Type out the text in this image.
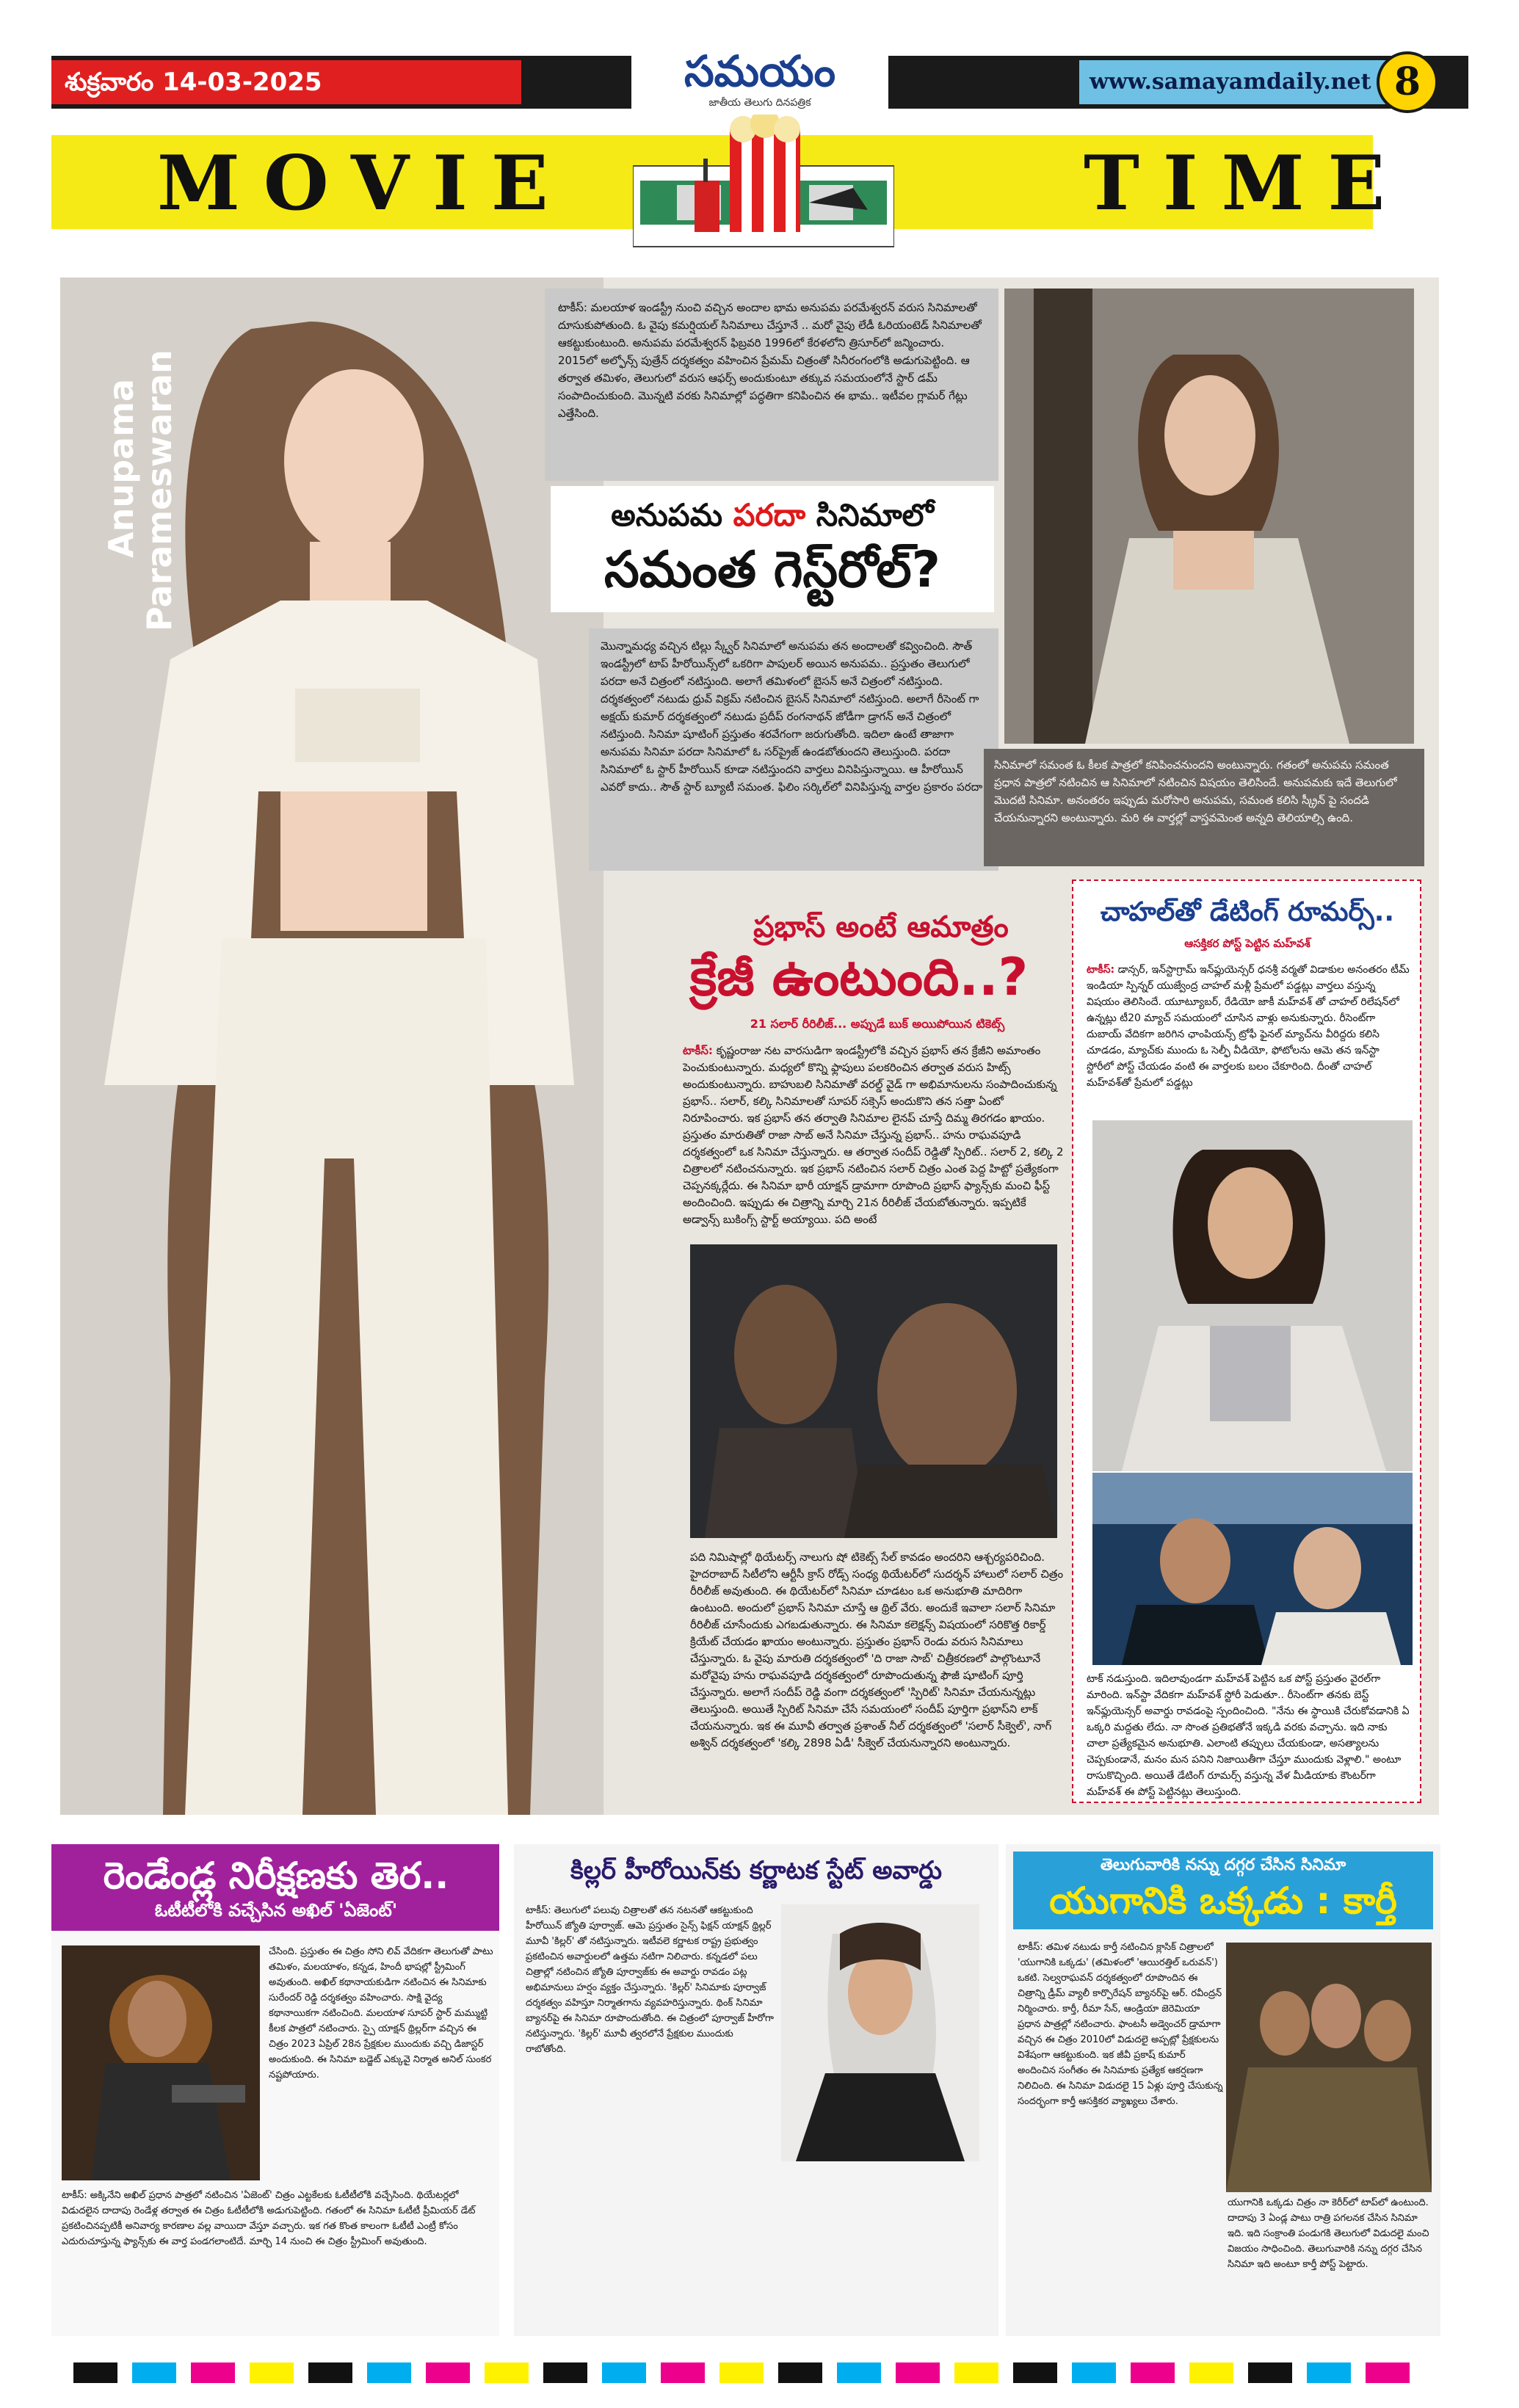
శుక్రవారం 14-03-2025	సమయం
జాతీయ తెలుగు దినపత్రిక
www.samayamdaily.net 8
MOVIE	TIME
Anupama
Parameswaran
టాకీస్: మలయాళ ఇండస్ట్రీ నుంచి వచ్చిన అందాల భామ అనుపమ పరమేశ్వరన్ వరుస సినిమాలతో దూసుకుపోతుంది. ఓ వైపు కమర్షియల్ సినిమాలు చేస్తూనే .. మరో వైపు లేడీ ఓరియంటెడ్ సినిమాలతో ఆకట్టుకుంటుంది. అనుపమ పరమేశ్వరన్ ఫిబ్రవరి 1996లో కేరళలోని త్రిసూర్‌లో జన్మించారు. 2015లో అల్ఫోన్స్ పుత్రేన్ దర్శకత్వం వహించిన ప్రేమమ్ చిత్రంతో సినీరంగంలోకి అడుగుపెట్టింది. ఆ తర్వాత తమిళం, తెలుగులో వరుస ఆఫర్స్ అందుకుంటూ తక్కువ సమయంలోనే స్టార్ డమ్ సంపాదించుకుంది. మొన్నటి వరకు సినిమాల్లో పద్ధతిగా కనిపించిన ఈ భామ.. ఇటీవల గ్లామర్ గేట్లు ఎత్తేసింది.
అనుపమ పరదా సినిమాలో
సమంత గెస్ట్‌రోల్?
మొన్నామధ్య వచ్చిన టిల్లు స్క్వేర్ సినిమాలో అనుపమ తన అందాలతో కవ్వించింది. సౌత్ ఇండస్ట్రీలో టాప్ హీరోయిన్స్‌లో ఒకరిగా పాపులర్ అయిన అనుపమ.. ప్రస్తుతం తెలుగులో పరదా అనే చిత్రంలో నటిస్తుంది. అలాగే తమిళంలో బైసన్ అనే చిత్రంలో నటిస్తుంది. దర్శకత్వంలో నటుడు ధ్రువ్ విక్రమ్ నటించిన బైసన్ సినిమాలో నటిస్తుంది. అలాగే రీసెంట్ గా అక్షయ్ కుమార్ దర్శకత్వంలో నటుడు ప్రదీప్ రంగనాథన్ జోడీగా డ్రాగన్ అనే చిత్రంలో నటిస్తుంది. సినిమా షూటింగ్ ప్రస్తుతం శరవేగంగా జరుగుతోంది. ఇదిలా ఉంటే తాజాగా అనుపమ సినిమా పరదా సినిమాలో ఓ సర్‌ప్రైజ్ ఉండబోతుందని తెలుస్తుంది. పరదా సినిమాలో ఓ స్టార్ హీరోయిన్ కూడా నటిస్తుందని వార్తలు వినిపిస్తున్నాయి. ఆ హీరోయిన్ ఎవరో కాదు.. సౌత్ స్టార్ బ్యూటీ సమంత. ఫిలిం సర్కిల్‌లో వినిపిస్తున్న వార్తల ప్రకారం పరదా
సినిమాలో సమంత ఓ కీలక పాత్రలో కనిపించనుందని అంటున్నారు. గతంలో అనుపమ సమంత ప్రధాన పాత్రలో నటించిన ఆ సినిమాలో నటించిన విషయం తెలిసిందే. అనుపమకు ఇదే తెలుగులో మొదటి సినిమా. అనంతరం ఇప్పుడు మరోసారి అనుపమ, సమంత కలిసి స్క్రీన్ పై సందడి చేయనున్నారని అంటున్నారు. మరి ఈ వార్తల్లో వాస్తవమెంత అన్నది తెలియాల్సి ఉంది.
ప్రభాస్ అంటే ఆమాత్రం
క్రేజీ ఉంటుంది..?
21 సలార్ రీరిలీజ్... అప్పుడే బుక్ అయిపోయిన టికెట్స్
టాకీస్: కృష్ణంరాజు నట వారసుడిగా ఇండస్ట్రీలోకి వచ్చిన ప్రభాస్ తన క్రేజీని అమాంతం పెంచుకుంటున్నారు. మధ్యలో కొన్ని ఫ్లాపులు పలకరించిన తర్వాత వరుస హిట్స్ అందుకుంటున్నారు. బాహుబలి సినిమాతో వరల్డ్ వైడ్ గా అభిమానులను సంపాదించుకున్న ప్రభాస్.. సలార్, కల్కి సినిమాలతో సూపర్ సక్సెస్ అందుకొని తన సత్తా ఏంటో నిరూపించారు. ఇక ప్రభాస్ తన తర్వాతి సినిమాల లైనప్ చూస్తే దిమ్మ తిరగడం ఖాయం. ప్రస్తుతం మారుతితో రాజా సాబ్ అనే సినిమా చేస్తున్న ప్రభాస్.. హను రాఘవపూడి దర్శకత్వంలో ఒక సినిమా చేస్తున్నారు. ఆ తర్వాత సందీప్ రెడ్డితో స్పిరిట్.. సలార్ 2, కల్కి 2 చిత్రాలలో నటించనున్నారు. ఇక ప్రభాస్ నటించిన సలార్ చిత్రం ఎంత పెద్ద హిట్టో ప్రత్యేకంగా చెప్పనక్కర్లేదు. ఈ సినిమా భారీ యాక్షన్ డ్రామాగా రూపొంది ప్రభాస్ ఫ్యాన్స్‌కు మంచి ఫీస్ట్ అందించింది. ఇప్పుడు ఈ చిత్రాన్ని మార్చి 21న రీరిలీజ్ చేయబోతున్నారు. ఇప్పటికే అడ్వాన్స్ బుకింగ్స్ స్టార్ట్ అయ్యాయి. పది అంటే
పది నిమిషాల్లో థియేటర్స్ నాలుగు షో టికెట్స్ సేల్ కావడం అందరిని ఆశ్చర్యపరిచింది. హైదరాబాద్ సిటీలోని ఆర్టీసీ క్రాస్ రోడ్స్ సంధ్య థియేటర్‌లో సుదర్శన్ హాలులో సలార్ చిత్రం రీరిలీజ్ అవుతుంది. ఈ థియేటర్‌లో సినిమా చూడటం ఒక అనుభూతి మాదిరిగా ఉంటుంది. అందులో ప్రభాస్ సినిమా చూస్తే ఆ థ్రిల్ వేరు. అందుకే ఇవాలా సలార్ సినిమా రీరిలీజ్ చూసేందుకు ఎగబడుతున్నారు. ఈ సినిమా కలెక్షన్స్ విషయంలో సరికొత్త రికార్డ్ క్రియేట్ చేయడం ఖాయం అంటున్నారు. ప్రస్తుతం ప్రభాస్ రెండు వరుస సినిమాలు చేస్తున్నారు. ఓ వైపు మారుతి దర్శకత్వంలో 'ది రాజా సాబ్' చిత్రీకరణలో పాల్గొంటూనే మరోవైపు హను రాఘవపూడి దర్శకత్వంలో రూపొందుతున్న ఫౌజీ షూటింగ్ పూర్తి చేస్తున్నారు. అలాగే సందీప్ రెడ్డి వంగా దర్శకత్వంలో 'స్పిరిట్' సినిమా చేయనున్నట్లు తెలుస్తుంది. అయితే స్పిరిట్ సినిమా చేసే సమయంలో సందీప్ పూర్తిగా ప్రభాస్‌ని లాక్ చేయనున్నారు. ఇక ఈ మూవీ తర్వాత ప్రశాంత్ నీల్ దర్శకత్వంలో 'సలార్ సీక్వెల్', నాగ్ అశ్విన్ దర్శకత్వంలో 'కల్కి 2898 ఏడీ' సీక్వెల్ చేయనున్నారని అంటున్నారు.
చాహల్‌తో డేటింగ్ రూమర్స్..
ఆసక్తికర పోస్ట్ పెట్టిన మహ్‌వశ్
టాకీస్: డాన్సర్, ఇన్‌స్టాగ్రామ్ ఇన్‌ఫ్లుయెన్సర్ ధనశ్రీ వర్మతో విడాకుల అనంతరం టీమ్ ఇండియా స్పిన్నర్ యుజ్వేంద్ర చాహల్ మళ్లీ ప్రేమలో పడ్డట్లు వార్తలు వస్తున్న విషయం తెలిసిందే. యూట్యూబర్, రేడియో జాకీ మహ్‌వశ్ తో చాహల్ రిలేషన్‌లో ఉన్నట్లు టీ20 మ్యాచ్ సమయంలో చూసిన వాళ్లు అనుకున్నారు. రీసెంట్‌గా దుబాయ్ వేదికగా జరిగిన ఛాంపియన్స్ ట్రోఫీ ఫైనల్ మ్యాచ్‌ను వీరిద్దరు కలిసి చూడడం, మ్యాచ్‌కు ముందు ఓ సెల్ఫీ వీడియో, ఫోటోలను ఆమె తన ఇన్‌స్టా స్టోరీలో పోస్ట్ చేయడం వంటి ఈ వార్తలకు బలం చేకూరింది. దీంతో చాహల్ మహ్‌వశ్‌తో ప్రేమలో పడ్డట్లు
టాక్ నడుస్తుంది. ఇదిలావుండగా మహ్‌వశ్ పెట్టిన ఒక పోస్ట్ ప్రస్తుతం వైరల్‌గా మారింది. ఇన్‌స్టా వేదికగా మహ్‌వశ్ స్టోరీ పెడుతూ.. రీసెంట్‌గా తనకు బెస్ట్ ఇన్‌ఫ్లుయెన్సర్ అవార్డు రావడంపై స్పందించింది. "నేను ఈ స్థాయికి చేరుకోవడానికి ఏ ఒక్కరి మద్దతు లేదు. నా సొంత ప్రతిభతోనే ఇక్కడి వరకు వచ్చాను. ఇది నాకు చాలా ప్రత్యేకమైన అనుభూతి. ఎలాంటి తప్పులు చేయకుండా, అసత్యాలను చెప్పకుండానే, మనం మన పనిని నిజాయితీగా చేస్తూ ముందుకు వెళ్లాలి." అంటూ రాసుకొచ్చింది. అయితే డేటింగ్ రూమర్స్ వస్తున్న వేళ మీడియాకు కౌంటర్‌గా మహ్‌వశ్ ఈ పోస్ట్ పెట్టినట్లు తెలుస్తుంది.
రెండేండ్ల నిరీక్షణకు తెర..
ఓటీటీలోకి వచ్చేసిన అఖిల్ 'ఏజెంట్'
చేసింది. ప్రస్తుతం ఈ చిత్రం సోని లివ్ వేదికగా తెలుగుతో పాటు తమిళం, మలయాళం, కన్నడ, హిందీ భాషల్లో స్ట్రీమింగ్ అవుతుంది. అఖిల్ కథానాయకుడిగా నటించిన ఈ సినిమాకు సురేందర్ రెడ్డి దర్శకత్వం వహించారు. సాక్షి వైద్య కథానాయికగా నటించింది. మలయాళ సూపర్ స్టార్ మమ్ముట్టి కీలక పాత్రలో నటించారు. స్పై యాక్షన్ థ్రిల్లర్‌గా వచ్చిన ఈ చిత్రం 2023 ఏప్రిల్ 28న ప్రేక్షకుల ముందుకు వచ్చి డిజాస్టర్ అందుకుంది. ఈ సినిమా బడ్జెట్ ఎక్కువై నిర్మాత అనిల్ సుంకర నష్టపోయారు.
టాకీస్: అక్కినేని అఖిల్ ప్రధాన పాత్రలో నటించిన 'ఏజెంట్' చిత్రం ఎట్టకేలకు ఓటీటీలోకి వచ్చేసింది. థియేటర్లలో విడుదలైన దాదాపు రెండేళ్ల తర్వాత ఈ చిత్రం ఓటీటీలోకి అడుగుపెట్టింది. గతంలో ఈ సినిమా ఓటీటీ ప్రీమియర్ డేట్ ప్రకటించినప్పటికీ అనివార్య కారణాల వల్ల వాయిదా వేస్తూ వచ్చారు. ఇక గత కొంత కాలంగా ఓటీటీ ఎంట్రీ కోసం ఎదురుచూస్తున్న ఫ్యాన్స్‌కు ఈ వార్త పండగలాంటిదే. మార్చి 14 నుంచి ఈ చిత్రం స్ట్రీమింగ్ అవుతుంది.
కిల్లర్ హీరోయిన్‌కు కర్ణాటక స్టేట్ అవార్డు
టాకీస్: తెలుగులో పలువు చిత్రాలతో తన నటనతో ఆకట్టుకుంది హీరోయిన్ జ్యోతి పూర్వాజ్. ఆమె ప్రస్తుతం సైన్స్ ఫిక్షన్ యాక్షన్ థ్రిల్లర్ మూవీ 'కిల్లర్' తో నటిస్తున్నారు. ఇటీవలె కర్ణాటక రాష్ట్ర ప్రభుత్వం ప్రకటించిన అవార్డులలో ఉత్తమ నటిగా నిలిచారు. కన్నడలో పలు చిత్రాల్లో నటించిన జ్యోతి పూర్వాజ్‌కు ఈ అవార్డు రావడం పట్ల అభిమానులు హర్షం వ్యక్తం చేస్తున్నారు. 'కిల్లర్' సినిమాకు పూర్వాజ్ దర్శకత్వం వహిస్తూ నిర్మాతగాను వ్యవహరిస్తున్నారు. థింక్ సినిమా బ్యానర్‌పై ఈ సినిమా రూపొందుతోంది. ఈ చిత్రంలో పూర్వాజ్ హీరోగా నటిస్తున్నారు. 'కిల్లర్' మూవీ త్వరలోనే ప్రేక్షకుల ముందుకు రాబోతోంది.
తెలుగువారికి నన్ను దగ్గర చేసిన సినిమా
యుగానికి ఒక్కడు : కార్తీ
టాకీస్: తమిళ నటుడు కార్తీ నటించిన క్లాసిక్ చిత్రాలలో 'యుగానికి ఒక్కడు' (తమిళంలో 'ఆయిరత్తిల్ ఒరువన్') ఒకటి. సెల్వరాఘవన్ దర్శకత్వంలో రూపొందిన ఈ చిత్రాన్ని డ్రీమ్ వ్యాలీ కార్పొరేషన్ బ్యానర్‌పై ఆర్. రవీంద్రన్ నిర్మించారు. కార్తీ, రీమా సేన్, ఆండ్రియా జెరెమియా ప్రధాన పాత్రల్లో నటించారు. ఫాంటసీ అడ్వెంచర్ డ్రామాగా వచ్చిన ఈ చిత్రం 2010లో విడుదలై అప్పట్లో ప్రేక్షకులను విశేషంగా ఆకట్టుకుంది. ఇక జీవీ ప్రకాష్ కుమార్ అందించిన సంగీతం ఈ సినిమాకు ప్రత్యేక ఆకర్షణగా నిలిచింది. ఈ సినిమా విడుదలై 15 ఏళ్లు పూర్తి చేసుకున్న సందర్భంగా కార్తీ ఆసక్తికర వ్యాఖ్యలు చేశారు.
యుగానికి ఒక్కడు చిత్రం నా కెరీర్‌లో టాప్‌లో ఉంటుంది. దాదాపు 3 ఏండ్ల పాటు రాత్రి పగలనక చేసిన సినిమా ఇది. ఇది సంక్రాంతి పండుగకి తెలుగులో విడుదలై మంచి విజయం సాధించింది. తెలుగువారికి నన్ను దగ్గర చేసిన సినిమా ఇది అంటూ కార్తీ పోస్ట్ పెట్టారు.
